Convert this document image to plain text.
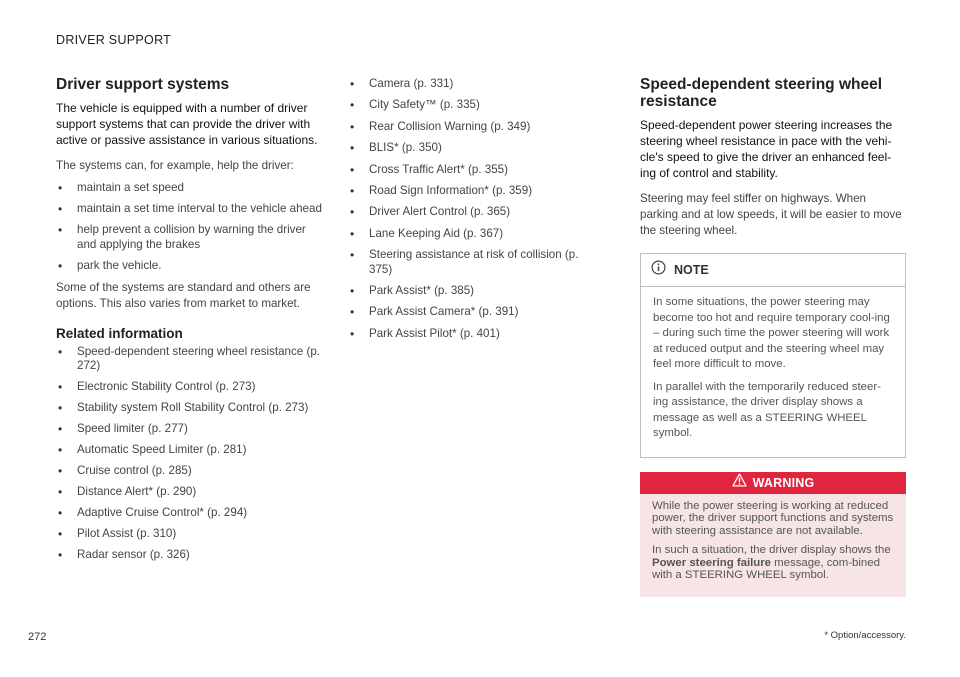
DRIVER SUPPORT
Driver support systems

The vehicle is equipped with a number of driver support systems that can provide the driver with active or passive assistance in various situations.

The systems can, for example, help the driver:

• maintain a set speed
• maintain a set time interval to the vehicle ahead
• help prevent a collision by warning the driver and applying the brakes
• park the vehicle.

Some of the systems are standard and others are options. This also varies from market to market.

Related information
• Speed-dependent steering wheel resistance (p. 272)
• Electronic Stability Control (p. 273)
• Stability system Roll Stability Control (p. 273)
• Speed limiter (p. 277)
• Automatic Speed Limiter (p. 281)
• Cruise control (p. 285)
• Distance Alert* (p. 290)
• Adaptive Cruise Control* (p. 294)
• Pilot Assist (p. 310)
• Radar sensor (p. 326)
• Camera (p. 331)
• City Safety™ (p. 335)
• Rear Collision Warning (p. 349)
• BLIS* (p. 350)
• Cross Traffic Alert* (p. 355)
• Road Sign Information* (p. 359)
• Driver Alert Control (p. 365)
• Lane Keeping Aid (p. 367)
• Steering assistance at risk of collision (p. 375)
• Park Assist* (p. 385)
• Park Assist Camera* (p. 391)
• Park Assist Pilot* (p. 401)
Speed-dependent steering wheel resistance

Speed-dependent power steering increases the steering wheel resistance in pace with the vehi-cle's speed to give the driver an enhanced feel-ing of control and stability.

Steering may feel stiffer on highways. When parking and at low speeds, it will be easier to move the steering wheel.

NOTE

In some situations, the power steering may become too hot and require temporary cool-ing – during such time the power steering will work at reduced output and the steering wheel may feel more difficult to move.

In parallel with the temporarily reduced steer-ing assistance, the driver display shows a message as well as a STEERING WHEEL symbol.

WARNING

While the power steering is working at reduced power, the driver support functions and systems with steering assistance are not available.

In such a situation, the driver display shows the Power steering failure message, com-bined with a STEERING WHEEL symbol.

* Option/accessory.
272
